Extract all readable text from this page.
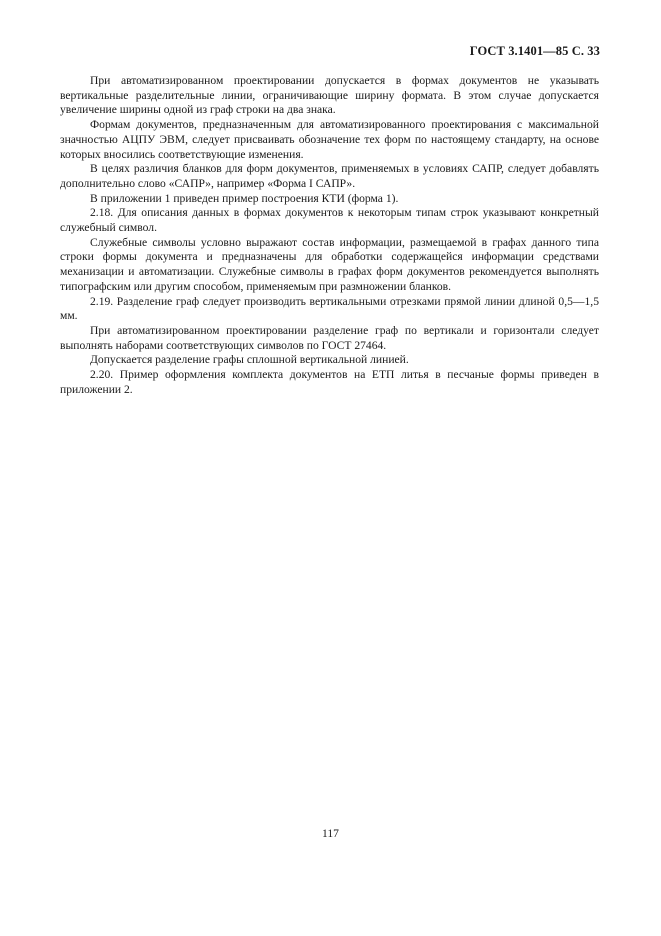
ГОСТ 3.1401—85 С. 33

При автоматизированном проектировании допускается в формах документов не указывать вертикальные разделительные линии, ограничивающие ширину формата. В этом случае допускается увеличение ширины одной из граф строки на два знака.

Формам документов, предназначенным для автоматизированного проектирования с максимальной значностью АЦПУ ЭВМ, следует присваивать обозначение тех форм по настоящему стандарту, на основе которых вносились соответствующие изменения.

В целях различия бланков для форм документов, применяемых в условиях САПР, следует добавлять дополнительно слово «САПР», например «Форма I САПР».

В приложении 1 приведен пример построения КТИ (форма 1).

2.18. Для описания данных в формах документов к некоторым типам строк указывают конкретный служебный символ.

Служебные символы условно выражают состав информации, размещаемой в графах данного типа строки формы документа и предназначены для обработки содержащейся информации средствами механизации и автоматизации. Служебные символы в графах форм документов рекомендуется выполнять типографским или другим способом, применяемым при размножении бланков.

2.19. Разделение граф следует производить вертикальными отрезками прямой линии длиной 0,5—1,5 мм.

При автоматизированном проектировании разделение граф по вертикали и горизонтали следует выполнять наборами соответствующих символов по ГОСТ 27464.

Допускается разделение графы сплошной вертикальной линией.

2.20. Пример оформления комплекта документов на ЕТП литья в песчаные формы приведен в приложении 2.

117
